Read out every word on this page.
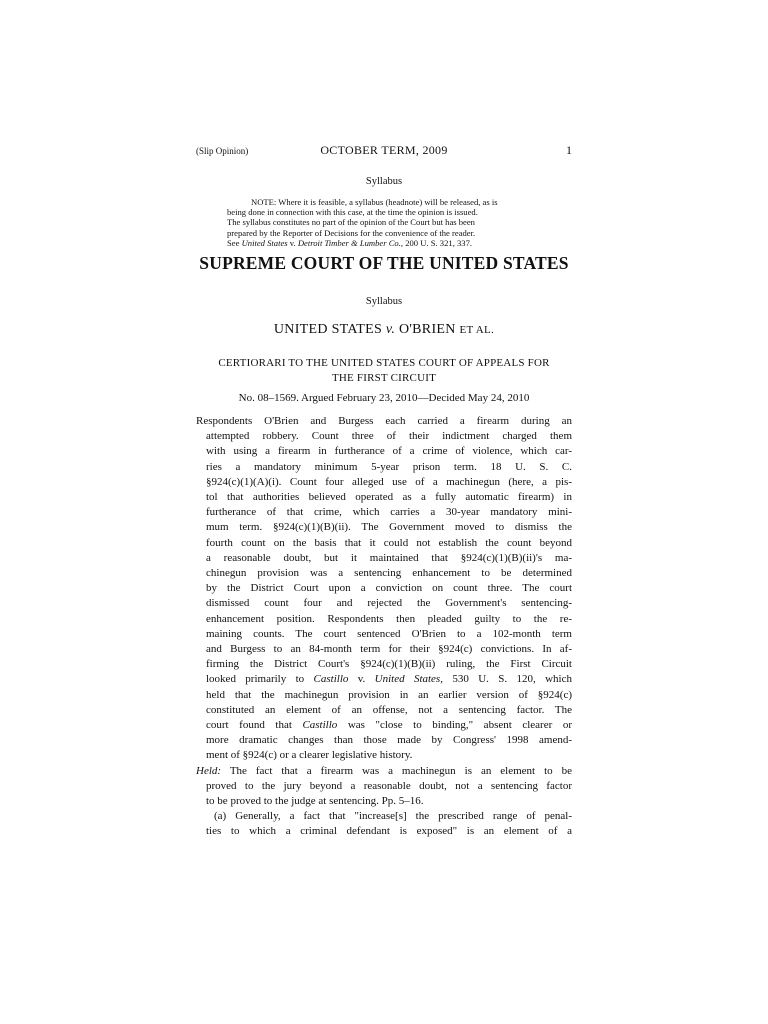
(Slip Opinion)	OCTOBER TERM, 2009	1
Syllabus
NOTE: Where it is feasible, a syllabus (headnote) will be released, as is
being done in connection with this case, at the time the opinion is issued.
The syllabus constitutes no part of the opinion of the Court but has been
prepared by the Reporter of Decisions for the convenience of the reader.
See United States v. Detroit Timber & Lumber Co., 200 U. S. 321, 337.
SUPREME COURT OF THE UNITED STATES
Syllabus
UNITED STATES v. O'BRIEN ET AL.
CERTIORARI TO THE UNITED STATES COURT OF APPEALS FOR
THE FIRST CIRCUIT
No. 08–1569. Argued February 23, 2010—Decided May 24, 2010
Respondents O'Brien and Burgess each carried a firearm during an
attempted robbery. Count three of their indictment charged them
with using a firearm in furtherance of a crime of violence, which car-
ries a mandatory minimum 5-year prison term. 18 U. S. C.
§924(c)(1)(A)(i). Count four alleged use of a machinegun (here, a pis-
tol that authorities believed operated as a fully automatic firearm) in
furtherance of that crime, which carries a 30-year mandatory mini-
mum term. §924(c)(1)(B)(ii). The Government moved to dismiss the
fourth count on the basis that it could not establish the count beyond
a reasonable doubt, but it maintained that §924(c)(1)(B)(ii)'s ma-
chinegun provision was a sentencing enhancement to be determined
by the District Court upon a conviction on count three. The court
dismissed count four and rejected the Government's sentencing-
enhancement position. Respondents then pleaded guilty to the re-
maining counts. The court sentenced O'Brien to a 102-month term
and Burgess to an 84-month term for their §924(c) convictions. In af-
firming the District Court's §924(c)(1)(B)(ii) ruling, the First Circuit
looked primarily to Castillo v. United States, 530 U. S. 120, which
held that the machinegun provision in an earlier version of §924(c)
constituted an element of an offense, not a sentencing factor. The
court found that Castillo was "close to binding," absent clearer or
more dramatic changes than those made by Congress' 1998 amend-
ment of §924(c) or a clearer legislative history.
Held: The fact that a firearm was a machinegun is an element to be
proved to the jury beyond a reasonable doubt, not a sentencing factor
to be proved to the judge at sentencing. Pp. 5–16.
(a) Generally, a fact that "increase[s] the prescribed range of penal-
ties to which a criminal defendant is exposed" is an element of a
